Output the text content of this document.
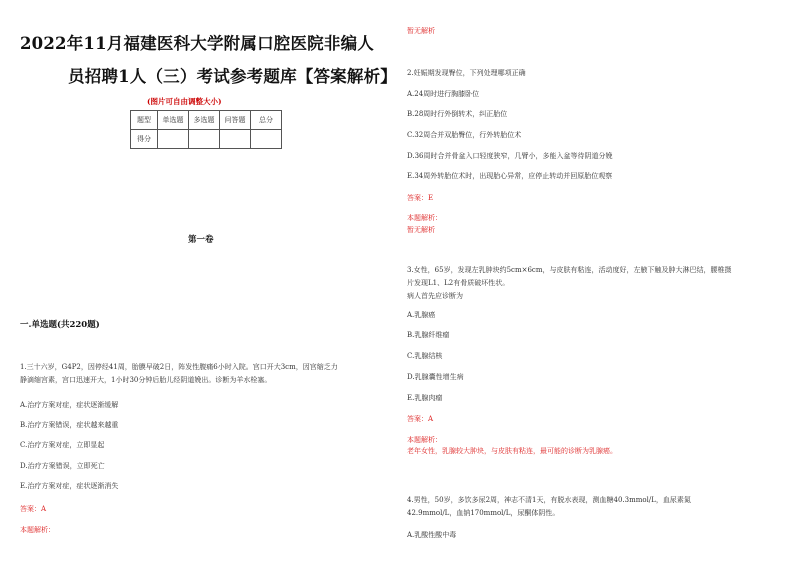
2022年11月福建医科大学附属口腔医院非编人
员招聘1人（三）考试参考题库【答案解析】
(图片可自由调整大小)
题型	单选题	多选题	问答题	总分
得分				
第一卷
一.单选题(共220题)
1.三十六岁，G4P2，因停经41周，胎膜早破2日，阵发性腹痛6小时入院。宫口开大3cm，因宫缩乏力
静滴缩宫素，宫口迅速开大，1小时30分钟后胎儿经阴道娩出。诊断为羊水栓塞。
A.治疗方案对症，症状逐渐缓解
B.治疗方案错误，症状越来越重
C.治疗方案对症，立即显起
D.治疗方案错误，立即死亡
E.治疗方案对症，症状逐渐消失
答案：A
本题解析：
暂无解析
2.妊娠期发现臀位，下列处理哪项正确
A.24周时进行胸膝卧位
B.28周时行外倒转术，纠正胎位
C.32周合并双胎臀位，行外转胎位术
D.36周时合并骨盆入口轻度狭窄，几臂小，多能入盆等待阴道分娩
E.34周外转胎位术时，出现胎心异常，应停止转动并回原胎位观察
答案：E
本题解析：
暂无解析
3.女性，65岁，发现左乳肿块约5cm×6cm，与皮肤有粘连，活动度好，左腋下触及肿大淋巴结，腰椎摄
片发现L1、L2有骨质破坏性状。
病人首先应诊断为
A.乳腺癌
B.乳腺纤维瘤
C.乳腺结核
D.乳腺囊性增生病
E.乳腺肉瘤
答案：A
本题解析：
老年女性，乳腺较大肿块，与皮肤有粘连，最可能的诊断为乳腺癌。
4.男性，50岁，多饮多尿2周，神志不清1天，有脱水表现，测血糖40.3mmol/L，血尿素氮
42.9mmol/L，血钠170mmol/L，尿酮体阴性。
A.乳酸性酸中毒
